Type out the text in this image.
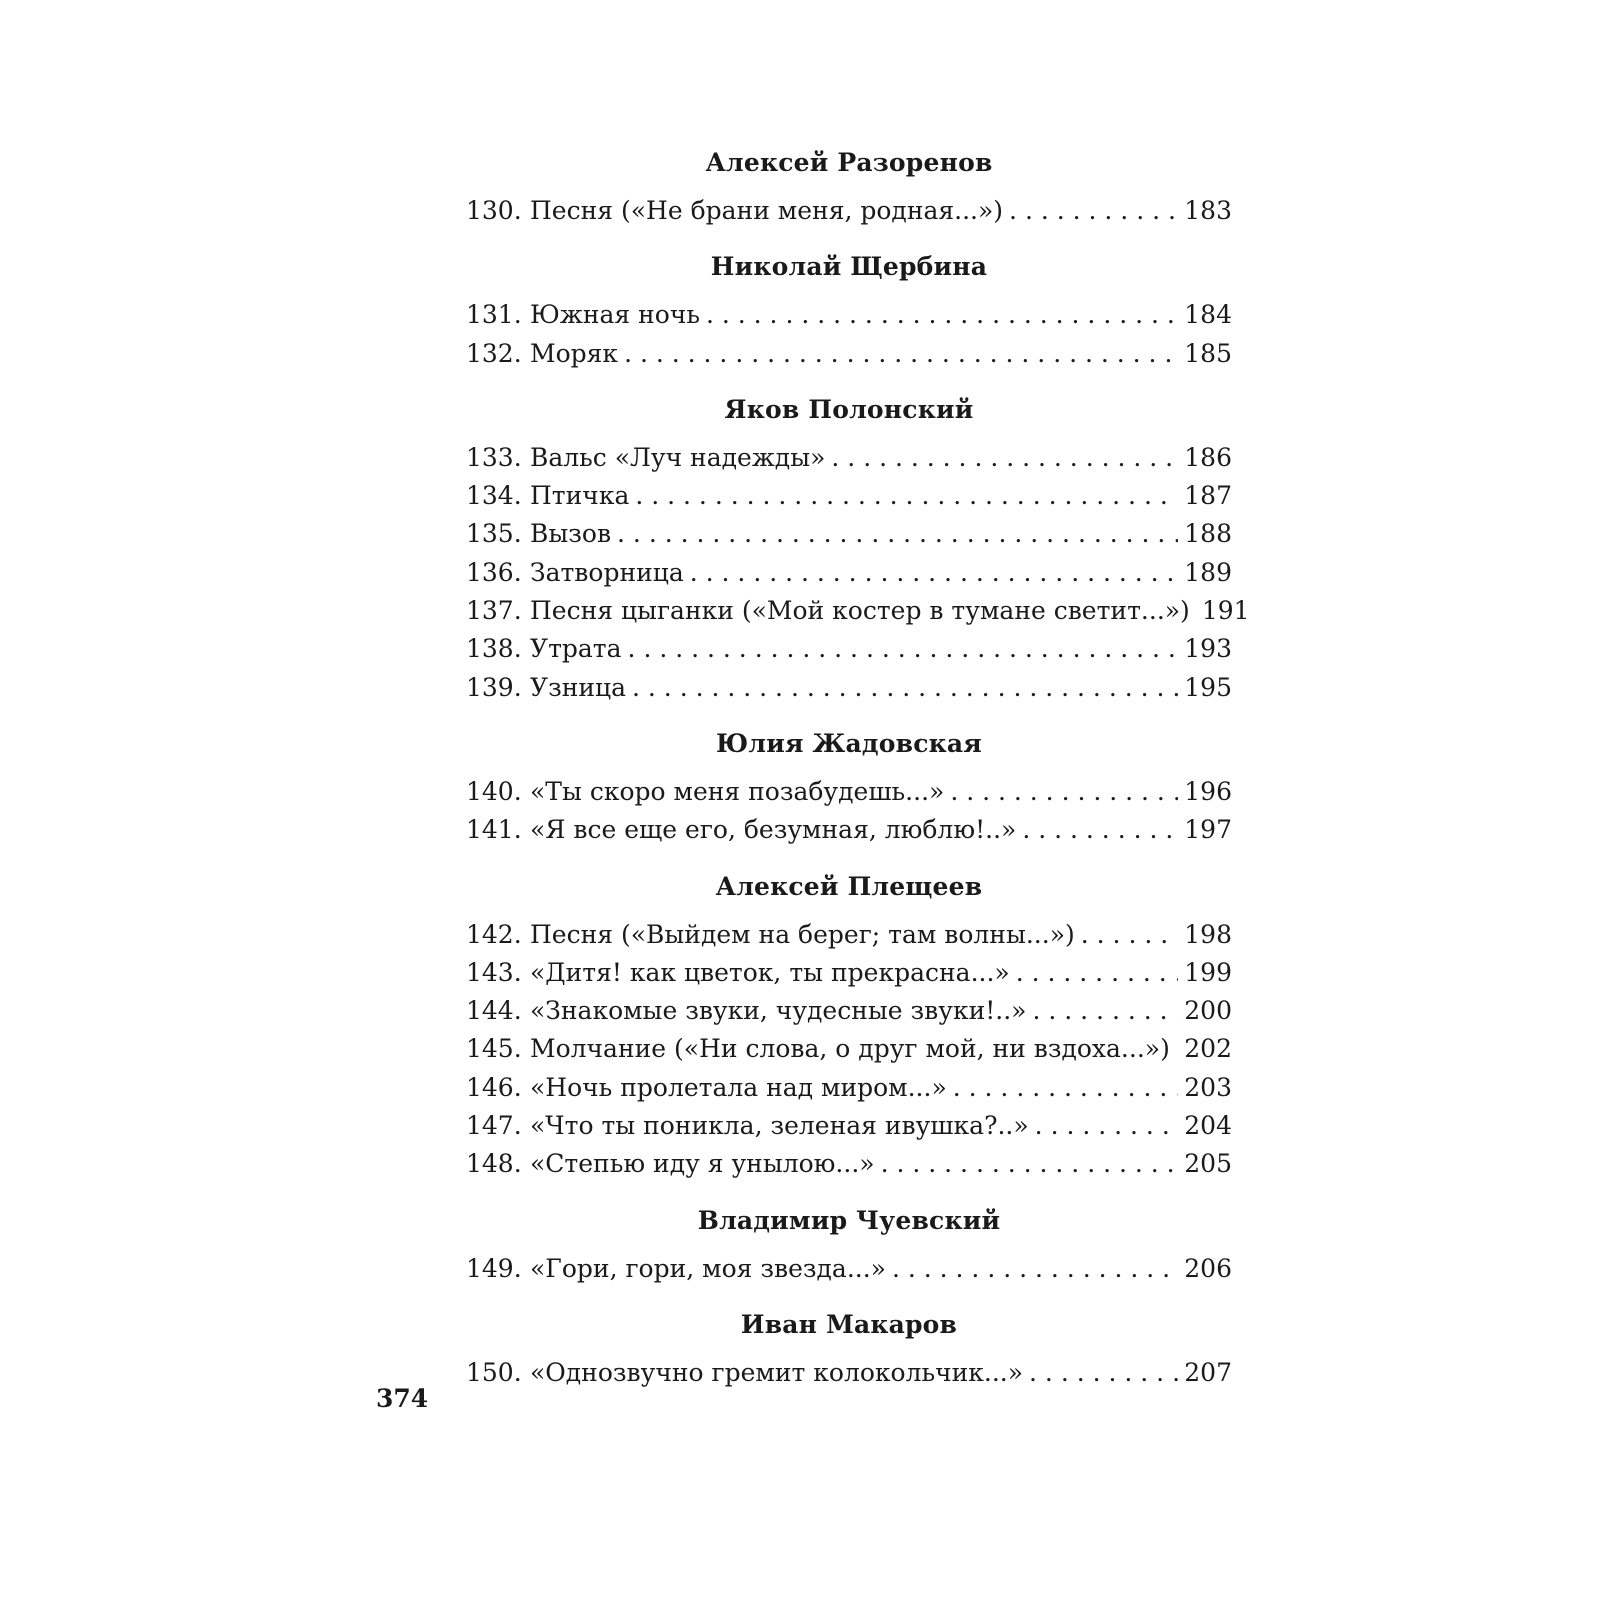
Алексей Разоренов
130. Песня («Не брани меня, родная...») . . .	183
Николай Щербина
131. Южная ночь . . .	184
132. Моряк . . .	185
Яков Полонский
133. Вальс «Луч надежды» . . .	186
134. Птичка . . .	187
135. Вызов . . .	188
136. Затворница . . .	189
137. Песня цыганки («Мой костер в тумане светит...») 191
138. Утрата . . .	193
139. Узница . . .	195
Юлия Жадовская
140. «Ты скоро меня позабудешь...» . . .	196
141. «Я все еще его, безумная, люблю!..» . . .	197
Алексей Плещеев
142. Песня («Выйдем на берег; там волны...») . . .	198
143. «Дитя! как цветок, ты прекрасна...» . . .	199
144. «Знакомые звуки, чудесные звуки!..» . . .	200
145. Молчание («Ни слова, о друг мой, ни вздоха...») . . . 202
146. «Ночь пролетала над миром...» . . .	203
147. «Что ты поникла, зеленая ивушка?..» . . .	204
148. «Степью иду я унылою...» . . .	205
Владимир Чуевский
149. «Гори, гори, моя звезда...» . . .	206
Иван Макаров
150. «Однозвучно гремит колокольчик...» . . .	207
374
